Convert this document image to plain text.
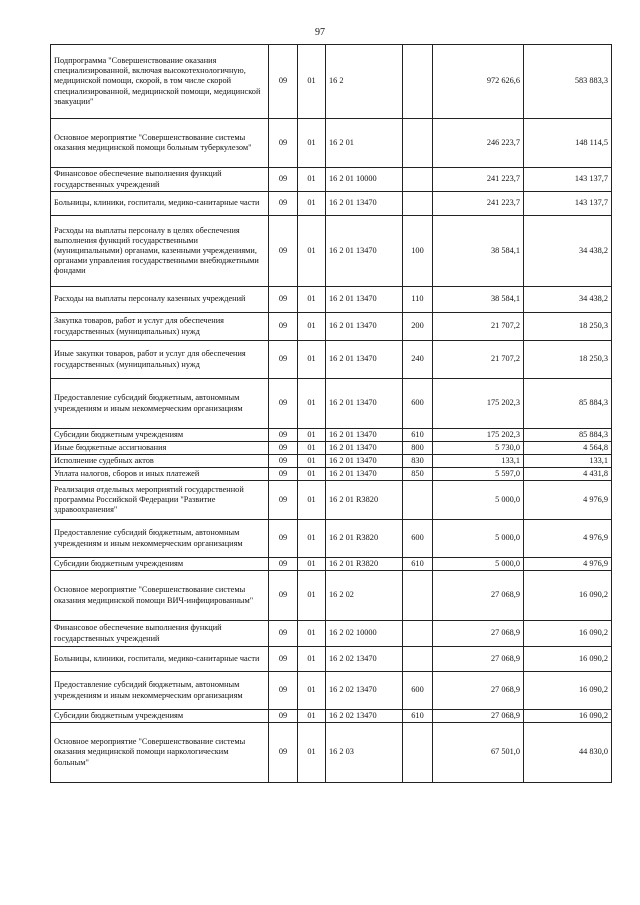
97
Подпрограмма "Совершенствование оказания специализированной, включая высокотехнологичную, медицинской помощи, скорой, в том числе скорой специализированной, медицинской помощи, медицинской эвакуации"	09	01	16 2		972 626,6	583 883,3
Основное мероприятие "Совершенствование системы оказания медицинской помощи больным туберкулезом"	09	01	16 2 01		246 223,7	148 114,5
Финансовое обеспечение выполнения функций государственных учреждений	09	01	16 2 01 10000		241 223,7	143 137,7
Больницы, клиники, госпитали, медико-санитарные части	09	01	16 2 01 13470		241 223,7	143 137,7
Расходы на выплаты персоналу в целях обеспечения выполнения функций государственными (муниципальными) органами, казенными учреждениями, органами управления государственными внебюджетными фондами	09	01	16 2 01 13470	100	38 584,1	34 438,2
Расходы на выплаты персоналу казенных учреждений	09	01	16 2 01 13470	110	38 584,1	34 438,2
Закупка товаров, работ и услуг для обеспечения государственных (муниципальных) нужд	09	01	16 2 01 13470	200	21 707,2	18 250,3
Иные закупки товаров, работ и услуг для обеспечения государственных (муниципальных) нужд	09	01	16 2 01 13470	240	21 707,2	18 250,3
Предоставление субсидий бюджетным, автономным учреждениям и иным некоммерческим организациям	09	01	16 2 01 13470	600	175 202,3	85 884,3
Субсидии бюджетным учреждениям	09	01	16 2 01 13470	610	175 202,3	85 884,3
Иные бюджетные ассигнования	09	01	16 2 01 13470	800	5 730,0	4 564,8
Исполнение судебных актов	09	01	16 2 01 13470	830	133,1	133,1
Уплата налогов, сборов и иных платежей	09	01	16 2 01 13470	850	5 597,0	4 431,8
Реализация отдельных мероприятий государственной программы Российской Федерации "Развитие здравоохранения"	09	01	16 2 01 R3820		5 000,0	4 976,9
Предоставление субсидий бюджетным, автономным учреждениям и иным некоммерческим организациям	09	01	16 2 01 R3820	600	5 000,0	4 976,9
Субсидии бюджетным учреждениям	09	01	16 2 01 R3820	610	5 000,0	4 976,9
Основное мероприятие "Совершенствование системы оказания медицинской помощи ВИЧ-инфицированным"	09	01	16 2 02		27 068,9	16 090,2
Финансовое обеспечение выполнения функций государственных учреждений	09	01	16 2 02 10000		27 068,9	16 090,2
Больницы, клиники, госпитали, медико-санитарные части	09	01	16 2 02 13470		27 068,9	16 090,2
Предоставление субсидий бюджетным, автономным учреждениям и иным некоммерческим организациям	09	01	16 2 02 13470	600	27 068,9	16 090,2
Субсидии бюджетным учреждениям	09	01	16 2 02 13470	610	27 068,9	16 090,2
Основное мероприятие "Совершенствование системы оказания медицинской помощи наркологическим больным"	09	01	16 2 03		67 501,0	44 830,0
